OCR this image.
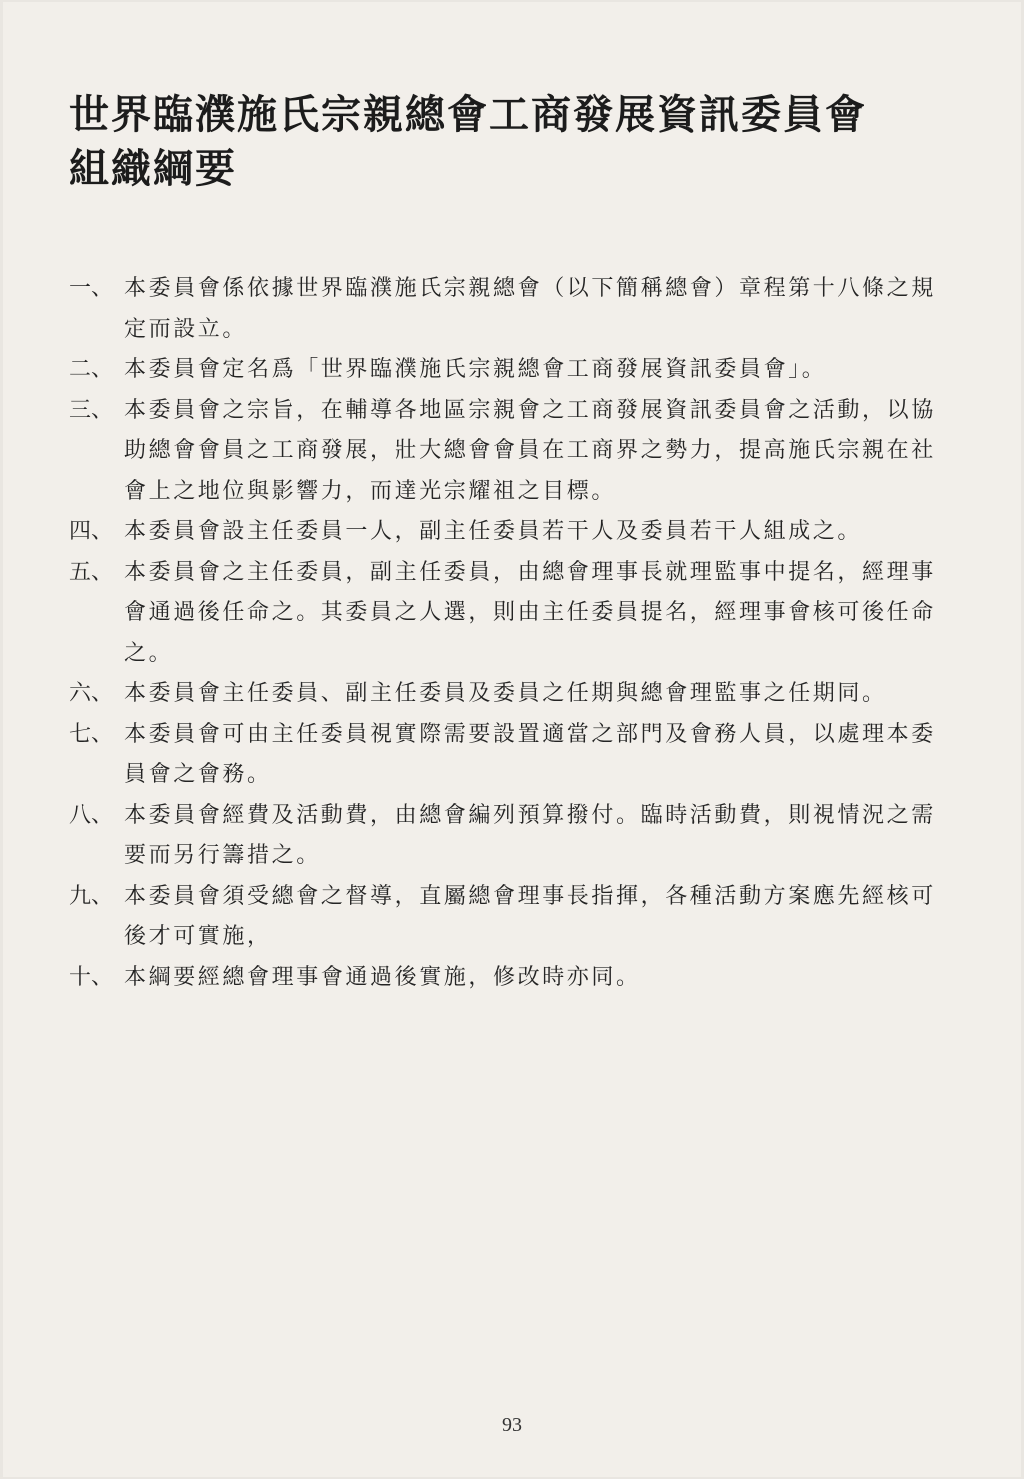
世界臨濮施氏宗親總會工商發展資訊委員會
組織綱要
一、 本委員會係依據世界臨濮施氏宗親總會（以下簡稱總會）章程第十八條之規定而設立。
二、 本委員會定名爲「世界臨濮施氏宗親總會工商發展資訊委員會」。
三、 本委員會之宗旨，在輔導各地區宗親會之工商發展資訊委員會之活動，以協助總會會員之工商發展，壯大總會會員在工商界之勢力，提高施氏宗親在社會上之地位與影響力，而達光宗耀祖之目標。
四、 本委員會設主任委員一人，副主任委員若干人及委員若干人組成之。
五、 本委員會之主任委員，副主任委員，由總會理事長就理監事中提名，經理事會通過後任命之。其委員之人選，則由主任委員提名，經理事會核可後任命之。
六、 本委員會主任委員、副主任委員及委員之任期與總會理監事之任期同。
七、 本委員會可由主任委員視實際需要設置適當之部門及會務人員，以處理本委員會之會務。
八、 本委員會經費及活動費，由總會編列預算撥付。臨時活動費，則視情況之需要而另行籌措之。
九、 本委員會須受總會之督導，直屬總會理事長指揮，各種活動方案應先經核可後才可實施，
十、 本綱要經總會理事會通過後實施，修改時亦同。
93
